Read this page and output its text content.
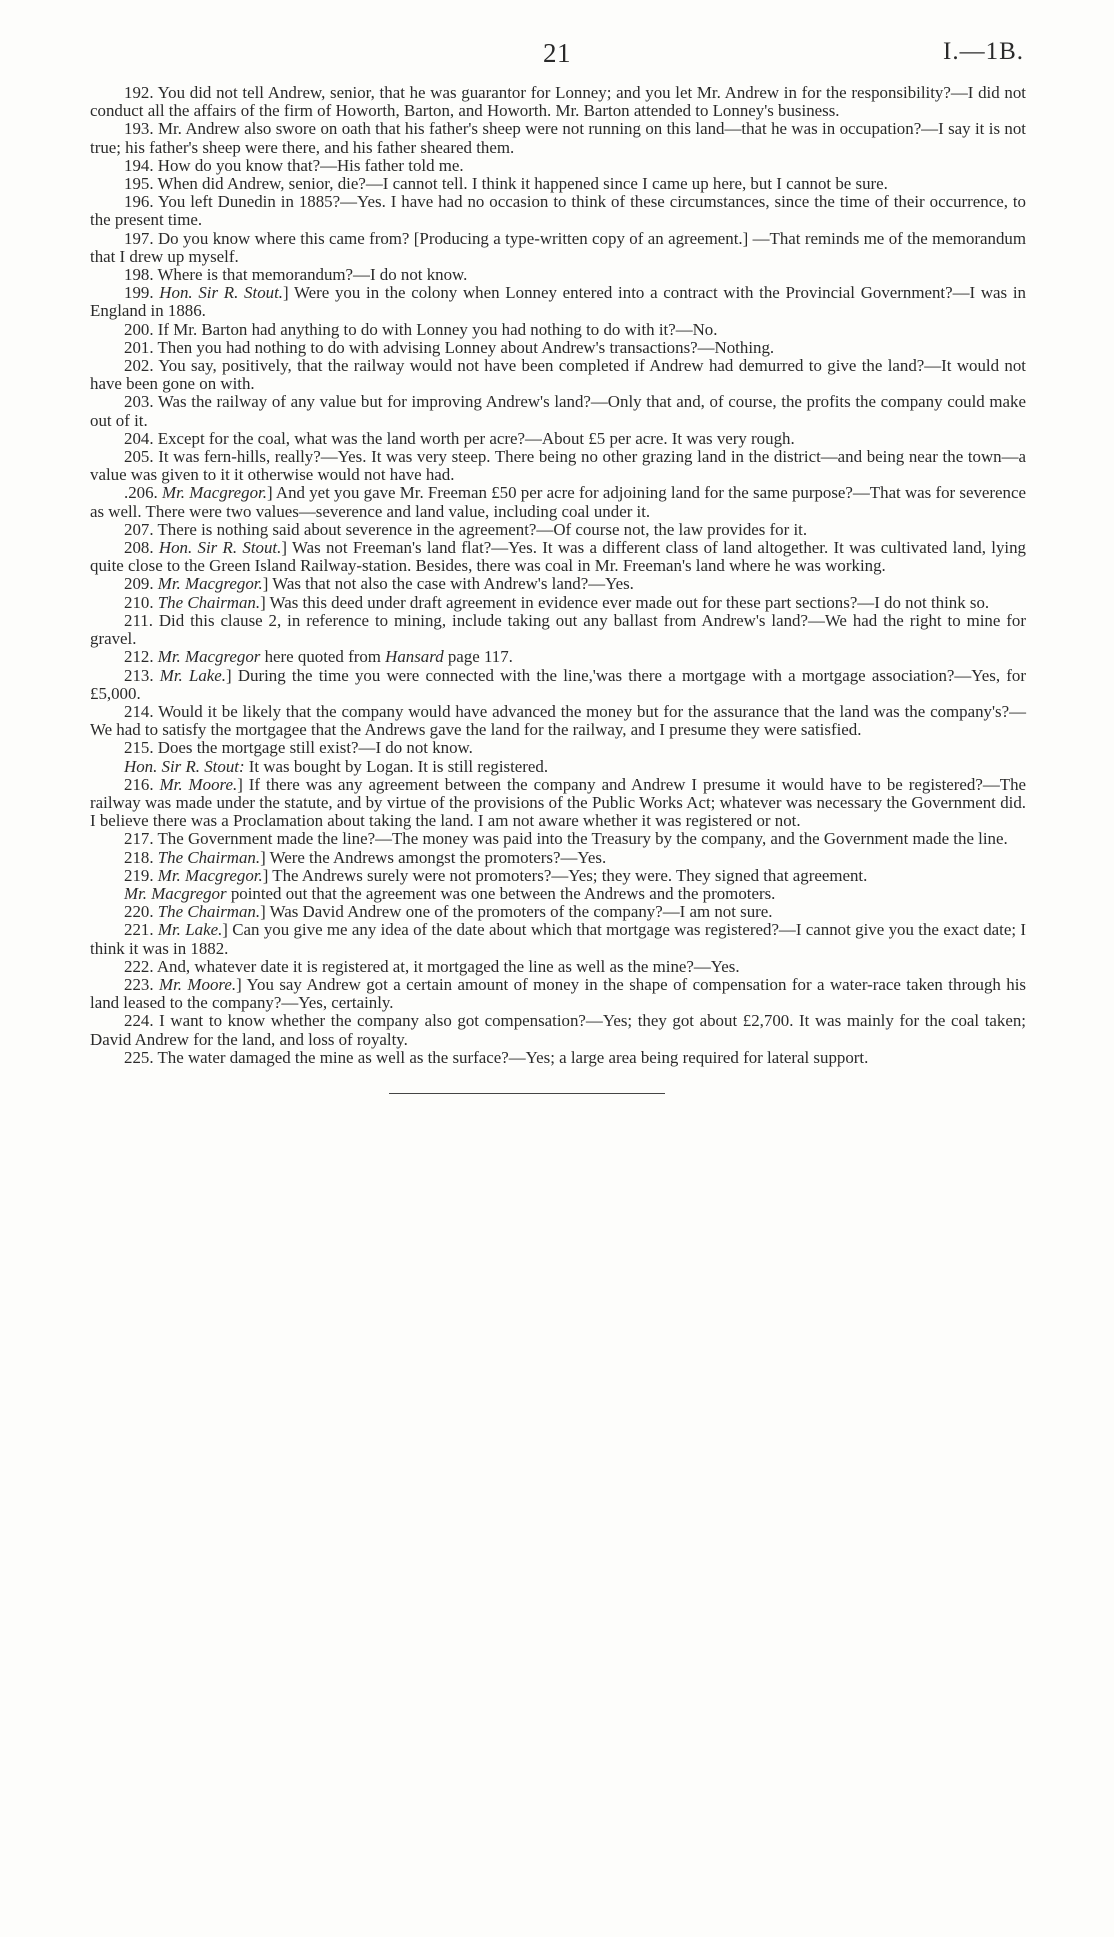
21	I.—1B.

192. You did not tell Andrew, senior, that he was guarantor for Lonney; and you let Mr. Andrew in for the responsibility?—I did not conduct all the affairs of the firm of Howorth, Barton, and Howorth. Mr. Barton attended to Lonney's business.

193. Mr. Andrew also swore on oath that his father's sheep were not running on this land—that he was in occupation?—I say it is not true; his father's sheep were there, and his father sheared them.

194. How do you know that?—His father told me.

195. When did Andrew, senior, die?—I cannot tell. I think it happened since I came up here, but I cannot be sure.

196. You left Dunedin in 1885?—Yes. I have had no occasion to think of these circumstances, since the time of their occurrence, to the present time.

197. Do you know where this came from? [Producing a type-written copy of an agreement.] —That reminds me of the memorandum that I drew up myself.

198. Where is that memorandum?—I do not know.

199. Hon. Sir R. Stout.] Were you in the colony when Lonney entered into a contract with the Provincial Government?—I was in England in 1886.

200. If Mr. Barton had anything to do with Lonney you had nothing to do with it?—No.

201. Then you had nothing to do with advising Lonney about Andrew's transactions?—Nothing.

202. You say, positively, that the railway would not have been completed if Andrew had demurred to give the land?—It would not have been gone on with.

203. Was the railway of any value but for improving Andrew's land?—Only that and, of course, the profits the company could make out of it.

204. Except for the coal, what was the land worth per acre?—About £5 per acre. It was very rough.

205. It was fern-hills, really?—Yes. It was very steep. There being no other grazing land in the district—and being near the town—a value was given to it it otherwise would not have had.

.206. Mr. Macgregor.] And yet you gave Mr. Freeman £50 per acre for adjoining land for the same purpose?—That was for severence as well. There were two values—severence and land value, including coal under it.

207. There is nothing said about severence in the agreement?—Of course not, the law provides for it.

208. Hon. Sir R. Stout.] Was not Freeman's land flat?—Yes. It was a different class of land altogether. It was cultivated land, lying quite close to the Green Island Railway-station. Besides, there was coal in Mr. Freeman's land where he was working.

209. Mr. Macgregor.] Was that not also the case with Andrew's land?—Yes.

210. The Chairman.] Was this deed under draft agreement in evidence ever made out for these part sections?—I do not think so.

211. Did this clause 2, in reference to mining, include taking out any ballast from Andrew's land?—We had the right to mine for gravel.

212. Mr. Macgregor here quoted from Hansard page 117.

213. Mr. Lake.] During the time you were connected with the line,'was there a mortgage with a mortgage association?—Yes, for £5,000.

214. Would it be likely that the company would have advanced the money but for the assurance that the land was the company's?—We had to satisfy the mortgagee that the Andrews gave the land for the railway, and I presume they were satisfied.

215. Does the mortgage still exist?—I do not know.

Hon. Sir R. Stout: It was bought by Logan. It is still registered.

216. Mr. Moore.] If there was any agreement between the company and Andrew I presume it would have to be registered?—The railway was made under the statute, and by virtue of the provisions of the Public Works Act; whatever was necessary the Government did. I believe there was a Proclamation about taking the land. I am not aware whether it was registered or not.

217. The Government made the line?—The money was paid into the Treasury by the company, and the Government made the line.

218. The Chairman.] Were the Andrews amongst the promoters?—Yes.

219. Mr. Macgregor.] The Andrews surely were not promoters?—Yes; they were. They signed that agreement.

Mr. Macgregor pointed out that the agreement was one between the Andrews and the promoters.

220. The Chairman.] Was David Andrew one of the promoters of the company?—I am not sure.

221. Mr. Lake.] Can you give me any idea of the date about which that mortgage was registered?—I cannot give you the exact date; I think it was in 1882.

222. And, whatever date it is registered at, it mortgaged the line as well as the mine?—Yes.

223. Mr. Moore.] You say Andrew got a certain amount of money in the shape of compensation for a water-race taken through his land leased to the company?—Yes, certainly.

224. I want to know whether the company also got compensation?—Yes; they got about £2,700. It was mainly for the coal taken; David Andrew for the land, and loss of royalty.

225. The water damaged the mine as well as the surface?—Yes; a large area being required for lateral support.
